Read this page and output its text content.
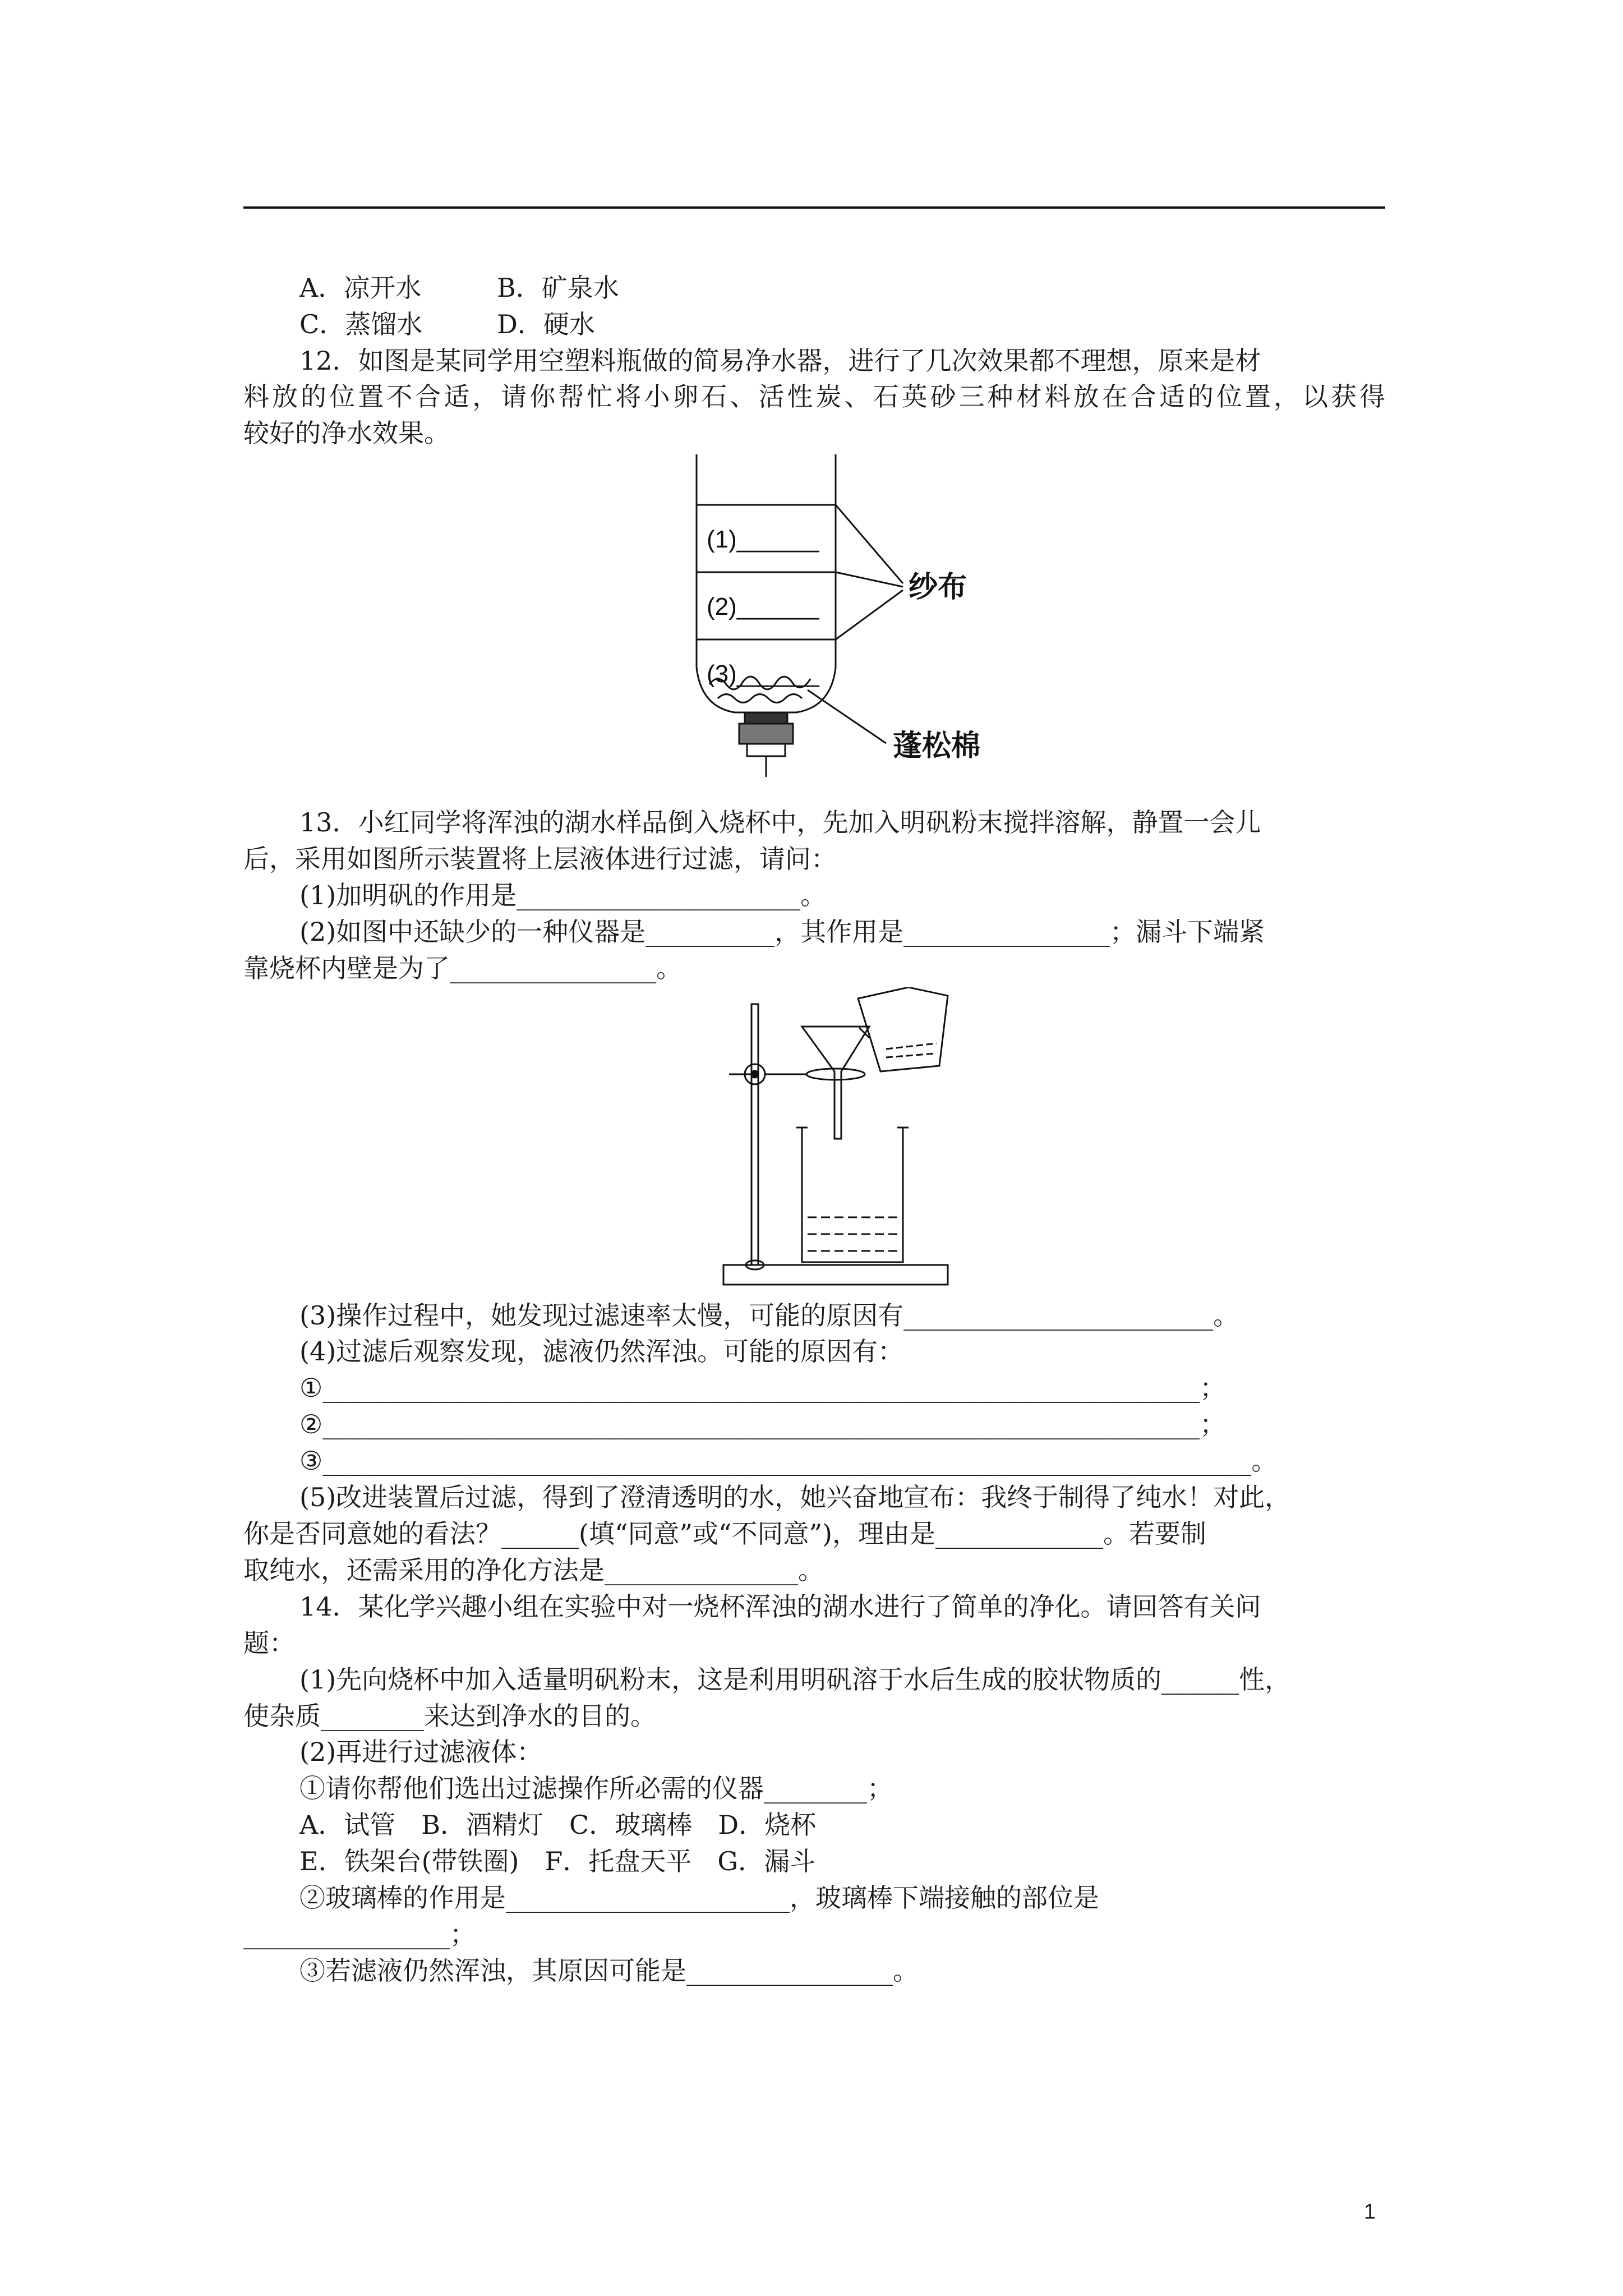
A．凉开水	B．矿泉水
C．蒸馏水	D．硬水
12．如图是某同学用空塑料瓶做的简易净水器，进行了几次效果都不理想，原来是材
料放的位置不合适，请你帮忙将小卵石、活性炭、石英砂三种材料放在合适的位置，以获得
较好的净水效果。
(1)______
(2)______
(3)______
纱布
蓬松棉
13．小红同学将浑浊的湖水样品倒入烧杯中，先加入明矾粉末搅拌溶解，静置一会儿
后，采用如图所示装置将上层液体进行过滤，请问：
(1)加明矾的作用是______________________。
(2)如图中还缺少的一种仪器是__________，其作用是________________；漏斗下端紧
靠烧杯内壁是为了________________。
(3)操作过程中，她发现过滤速率太慢，可能的原因有________________________。
(4)过滤后观察发现，滤液仍然浑浊。可能的原因有：
①____________________________________________________________________；
②____________________________________________________________________；
③________________________________________________________________________。
(5)改进装置后过滤，得到了澄清透明的水，她兴奋地宣布：我终于制得了纯水！对此，
你是否同意她的看法？______(填“同意”或“不同意”)，理由是_____________。若要制
取纯水，还需采用的净化方法是_______________。
14．某化学兴趣小组在实验中对一烧杯浑浊的湖水进行了简单的净化。请回答有关问
题：
(1)先向烧杯中加入适量明矾粉末，这是利用明矾溶于水后生成的胶状物质的______性，
使杂质________来达到净水的目的。
(2)再进行过滤液体：
①请你帮他们选出过滤操作所必需的仪器________；
A．试管　B．酒精灯　C．玻璃棒　D．烧杯
E．铁架台(带铁圈)　F．托盘天平　G．漏斗
②玻璃棒的作用是______________________，玻璃棒下端接触的部位是
________________；
③若滤液仍然浑浊，其原因可能是________________。
1
